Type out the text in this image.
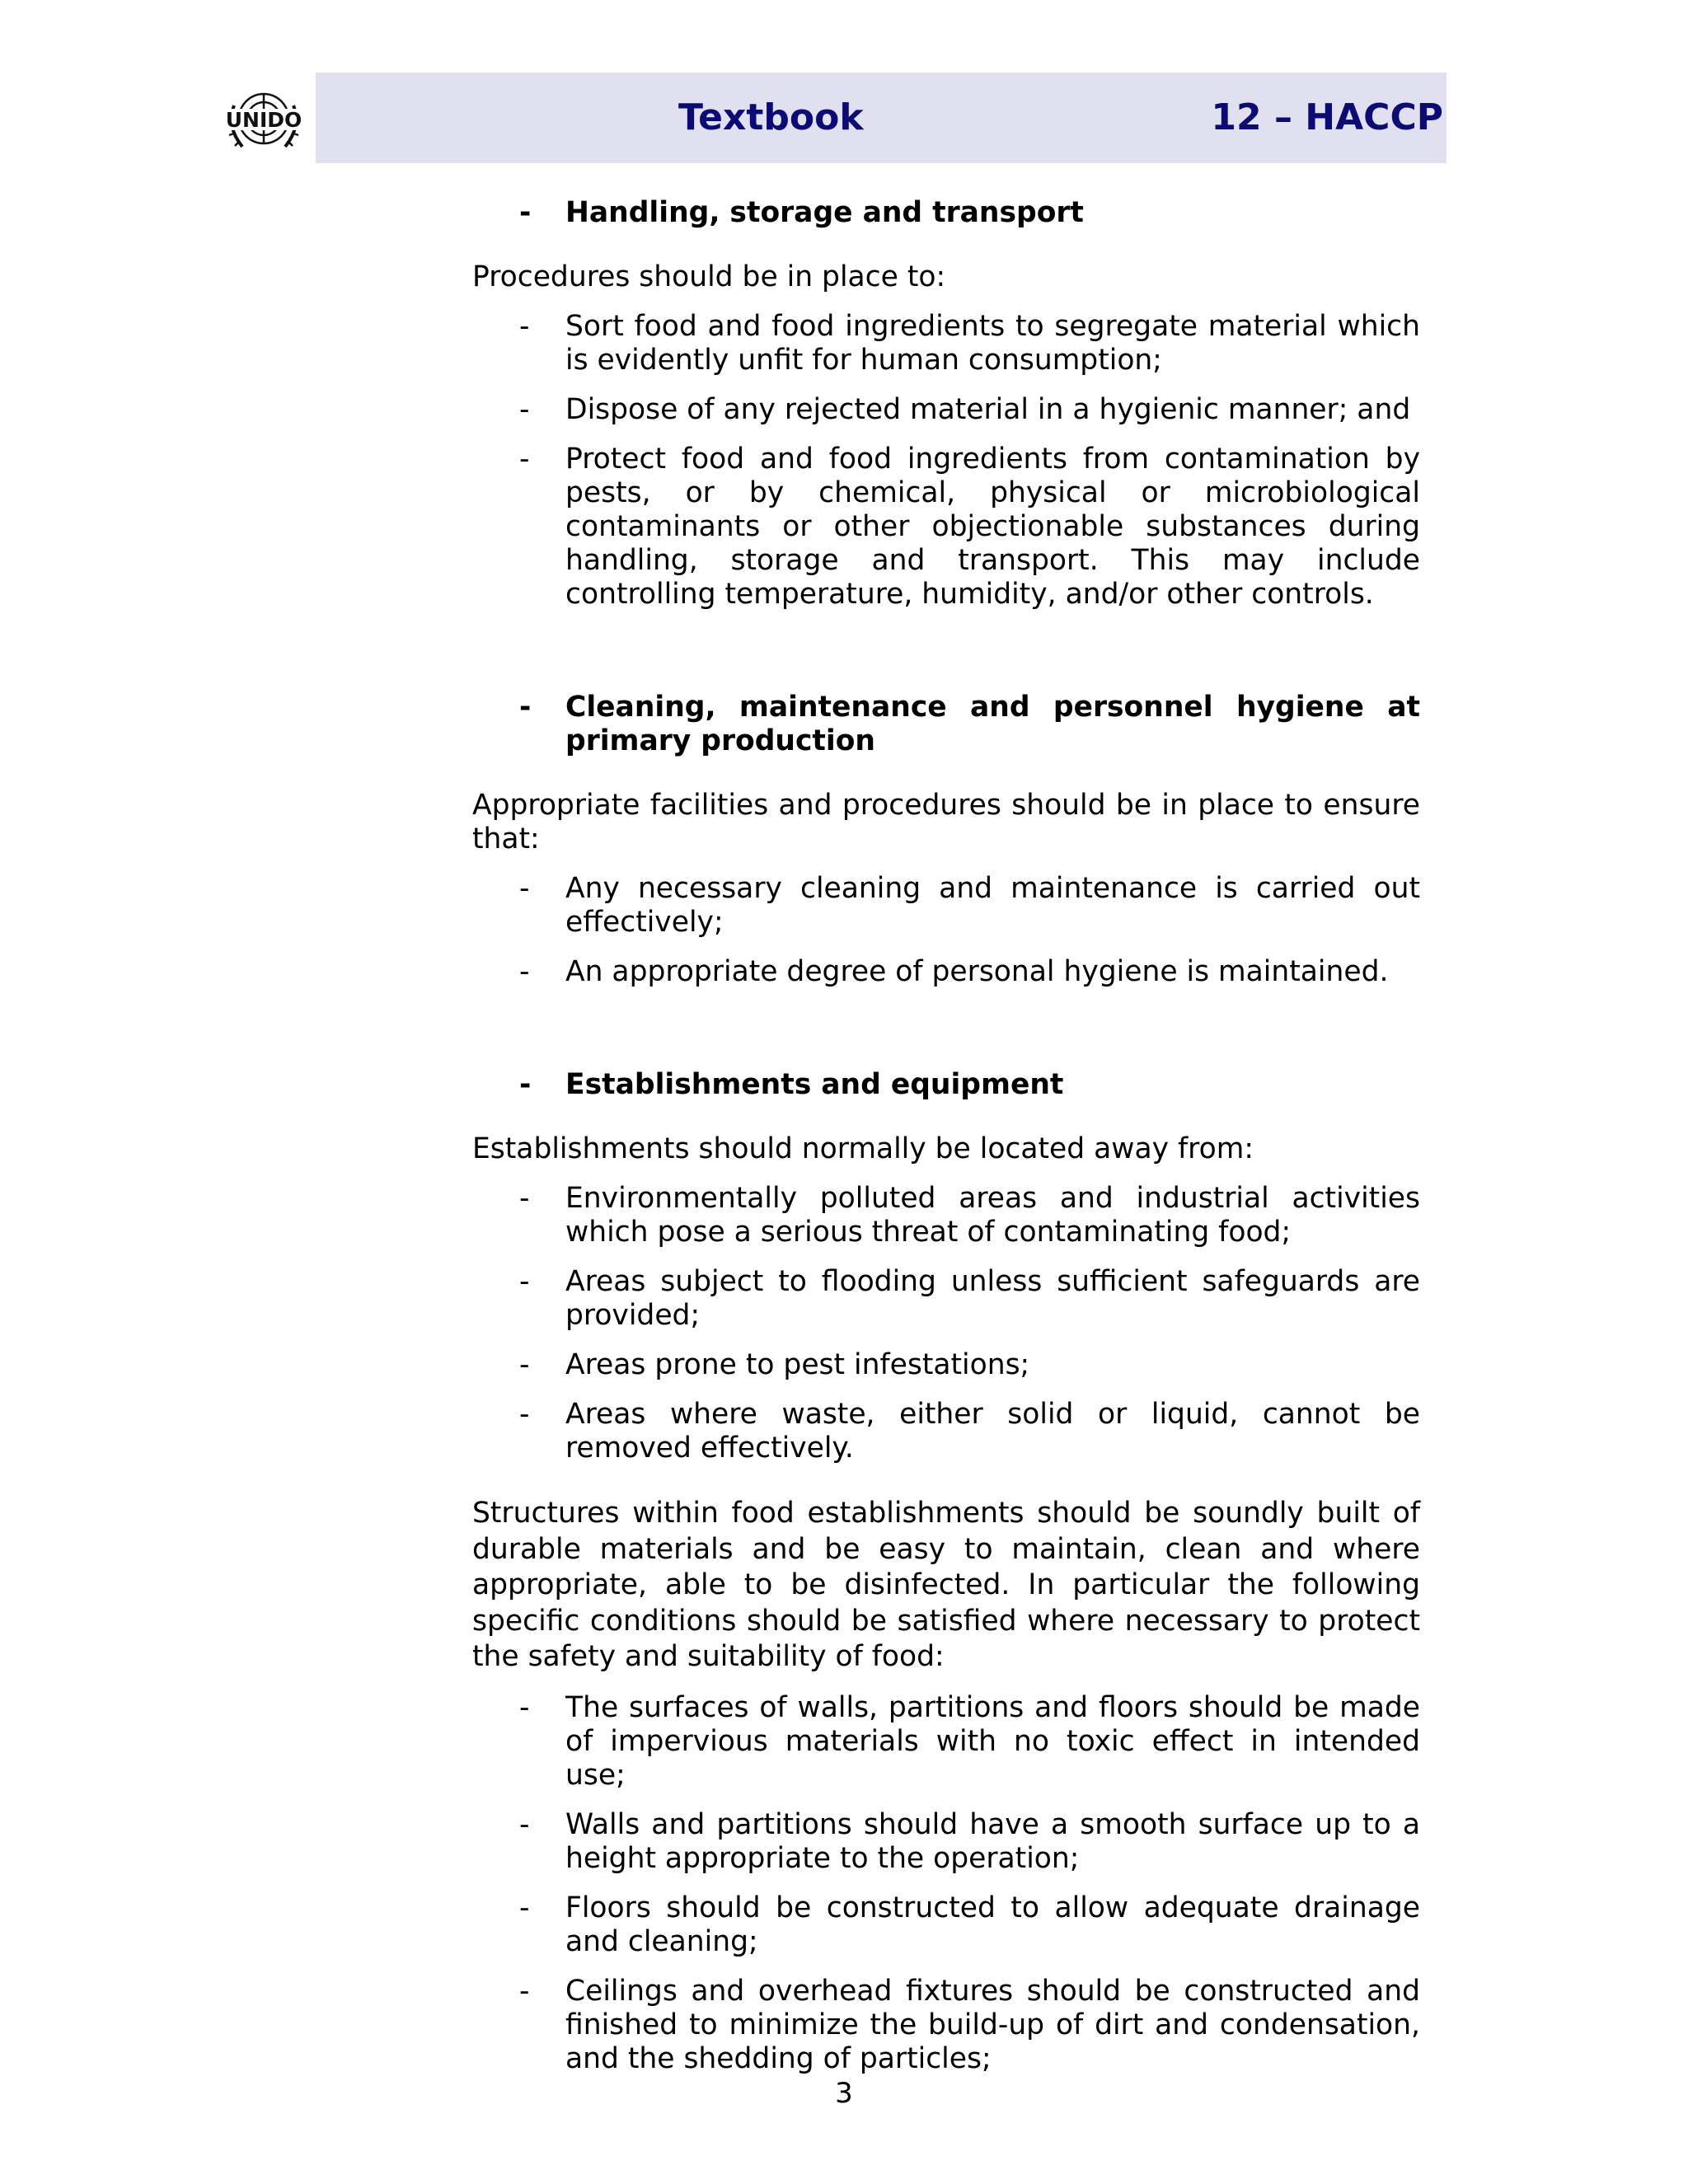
UNIDO	Textbook	12 – HACCP
- Handling, storage and transport
Procedures should be in place to:
- Sort food and food ingredients to segregate material which is evidently unfit for human consumption;
- Dispose of any rejected material in a hygienic manner; and
- Protect food and food ingredients from contamination by pests, or by chemical, physical or microbiological contaminants or other objectionable substances during handling, storage and transport. This may include controlling temperature, humidity, and/or other controls.
- Cleaning, maintenance and personnel hygiene at primary production
Appropriate facilities and procedures should be in place to ensure that:
- Any necessary cleaning and maintenance is carried out effectively;
- An appropriate degree of personal hygiene is maintained.
- Establishments and equipment
Establishments should normally be located away from:
- Environmentally polluted areas and industrial activities which pose a serious threat of contaminating food;
- Areas subject to flooding unless sufficient safeguards are provided;
- Areas prone to pest infestations;
- Areas where waste, either solid or liquid, cannot be removed effectively.
Structures within food establishments should be soundly built of durable materials and be easy to maintain, clean and where appropriate, able to be disinfected. In particular the following specific conditions should be satisfied where necessary to protect the safety and suitability of food:
- The surfaces of walls, partitions and floors should be made of impervious materials with no toxic effect in intended use;
- Walls and partitions should have a smooth surface up to a height appropriate to the operation;
- Floors should be constructed to allow adequate drainage and cleaning;
- Ceilings and overhead fixtures should be constructed and finished to minimize the build-up of dirt and condensation, and the shedding of particles;
3
